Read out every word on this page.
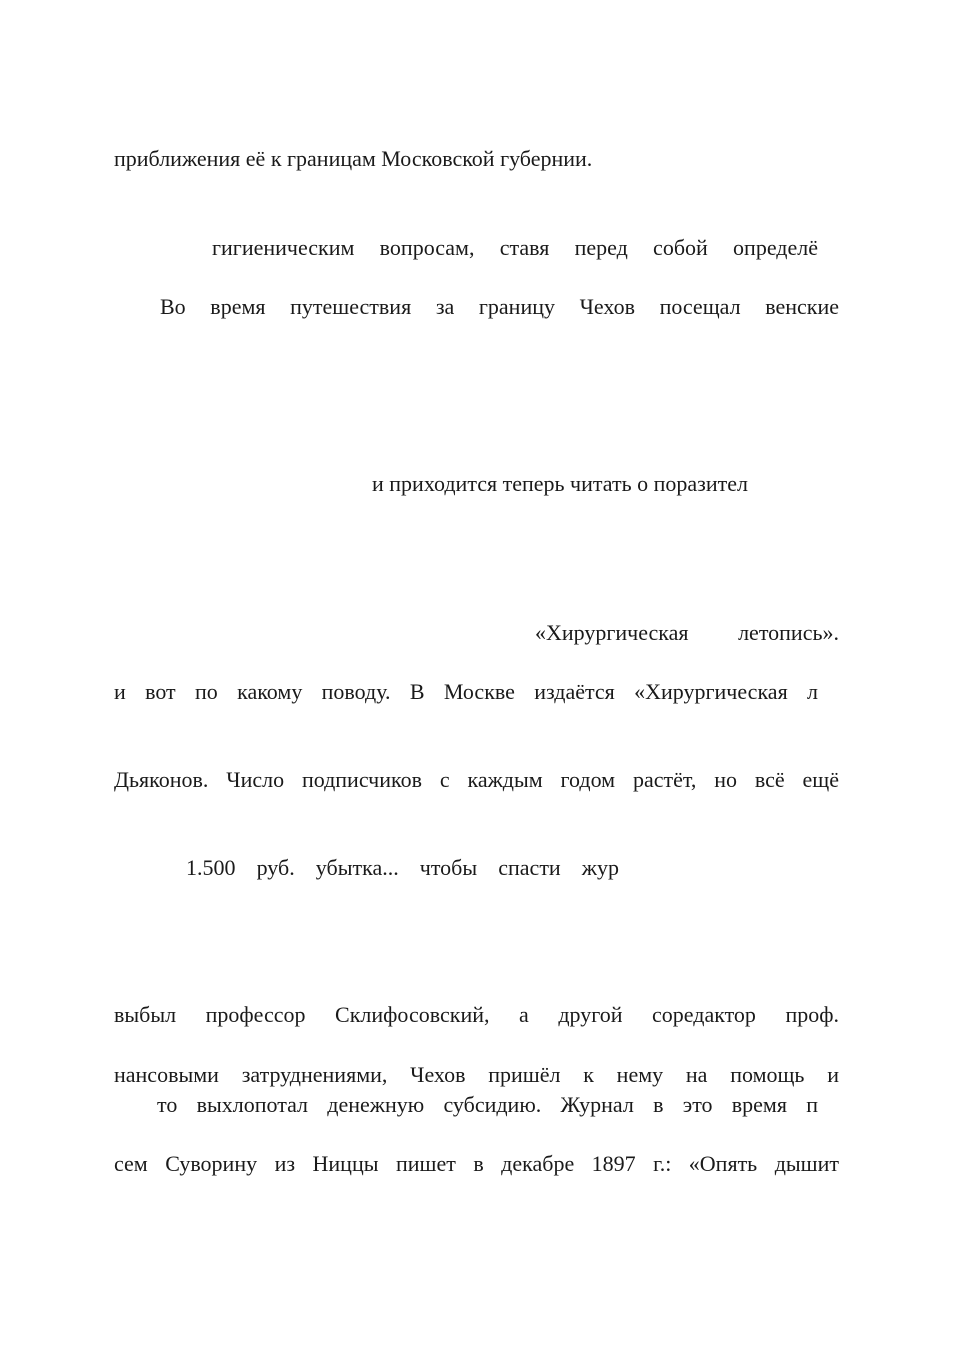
приближения её к границам Московской губернии.

гигиеническим вопросам, ставя перед собой определё

Во время путешествия за границу Чехов посещал венские

и приходится теперь читать о поразител

«Хирургическая летопись».

и вот по какому поводу. В Москве издаётся «Хирургическая л

Дьяконов. Число подписчиков с каждым годом растёт, но всё ещё

1.500 руб. убытка... чтобы спасти жур

выбыл профессор Склифосовский, а другой соредактор проф.

нансовыми затруднениями, Чехов пришёл к нему на помощь и

то выхлопотал денежную субсидию. Журнал в это время п

сем Суворину из Ниццы пишет в декабре 1897 г.: «Опять дышит
